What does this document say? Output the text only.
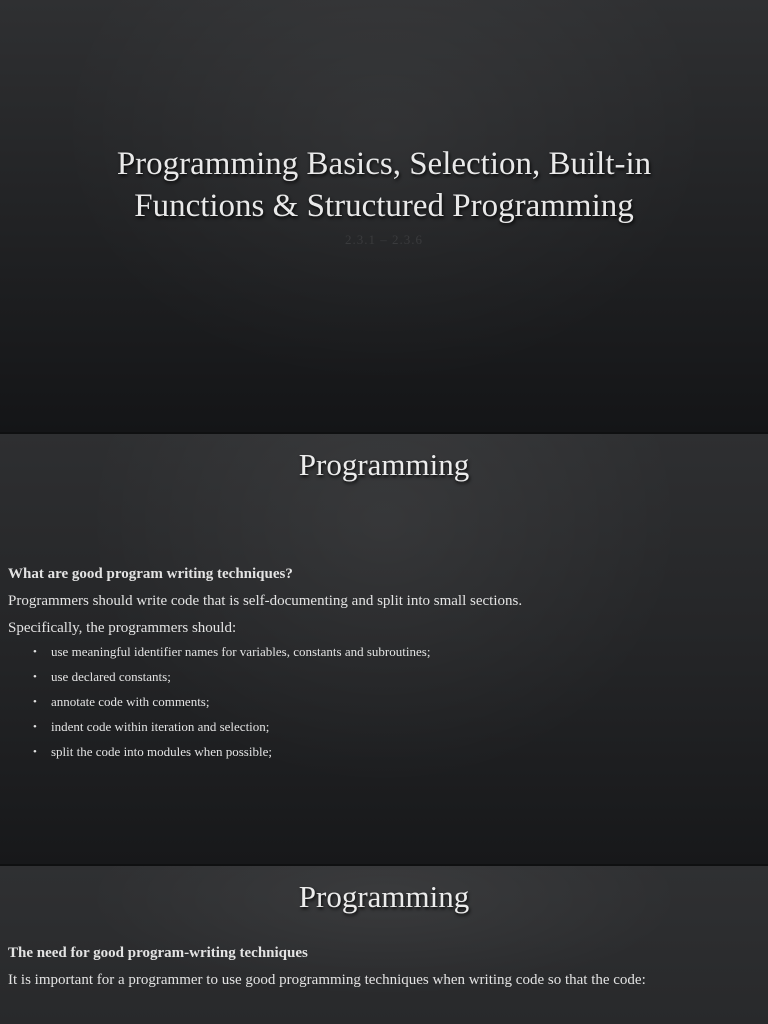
Programming Basics, Selection, Built-in
Functions & Structured Programming
2.3.1 – 2.3.6
Programming

What are good program writing techniques?

Programmers should write code that is self-documenting and split into small sections.

Specifically, the programmers should:

• use meaningful identifier names for variables, constants and subroutines;
• use declared constants;
• annotate code with comments;
• indent code within iteration and selection;
• split the code into modules when possible;
Programming

The need for good program-writing techniques

It is important for a programmer to use good programming techniques when writing code so that the code:
